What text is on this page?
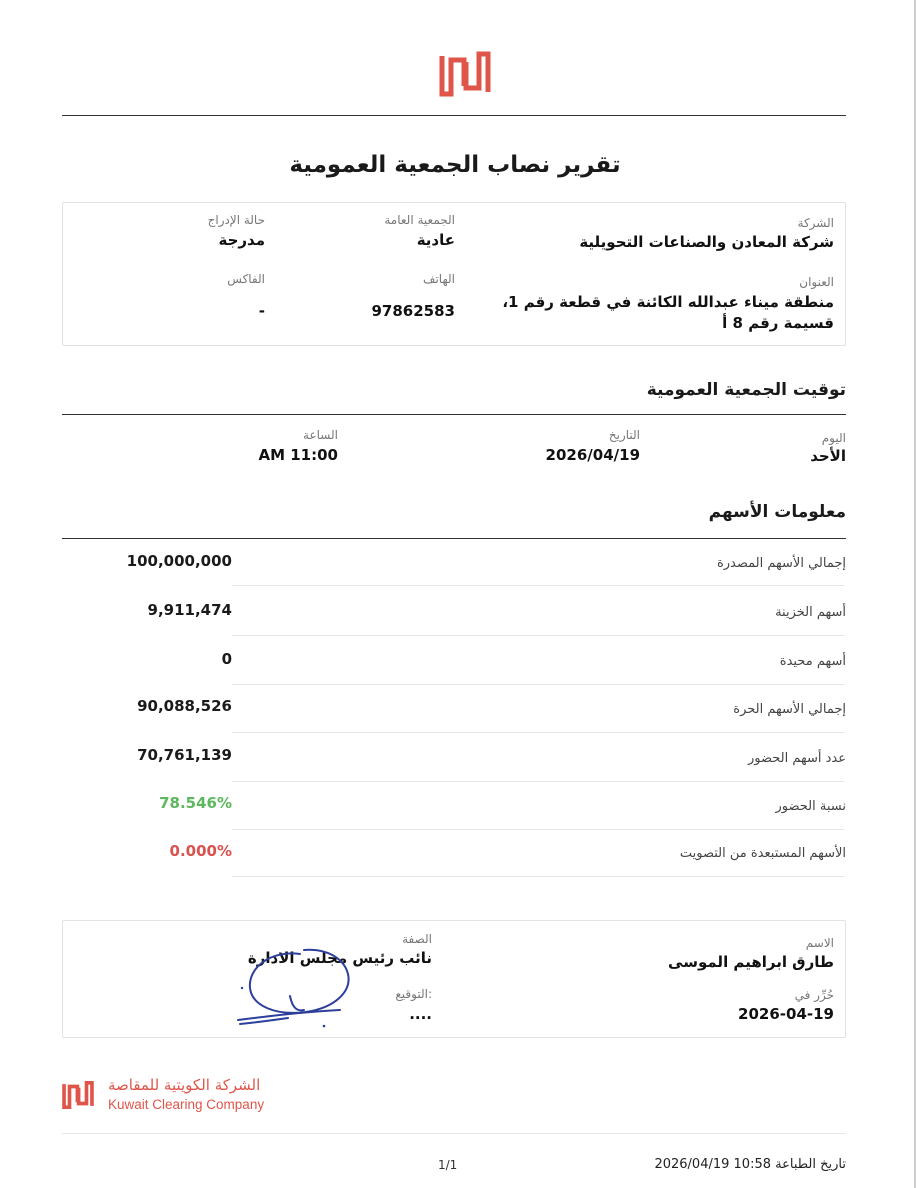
تقرير نصاب الجمعية العمومية
الشركة
شركة المعادن والصناعات التحويلية
الجمعية العامة
عادية
حالة الإدراج
مدرجة
العنوان
منطقة ميناء عبدالله الكائنة في قطعة رقم 1،
قسيمة رقم 8 أ
الهاتف
97862583
الفاكس
-
توقيت الجمعية العمومية
اليوم
الأحد
التاريخ
2026/04/19
الساعة
11:00 AM
معلومات الأسهم
إجمالي الأسهم المصدرة
100,000,000
أسهم الخزينة
9,911,474
أسهم محيدة
0
إجمالي الأسهم الحرة
90,088,526
عدد أسهم الحضور
70,761,139
نسبة الحضور
78.546%
الأسهم المستبعدة من التصويت
0.000%
الاسم
طارق ابراهيم الموسى
حُرِّر في
2026-04-19
الصفة
نائب رئيس مجلس الادارة
:التوقيع
....
الشركة الكويتية للمقاصة
Kuwait Clearing Company
1/1	تاريخ الطباعة 2026/04/19 10:58
